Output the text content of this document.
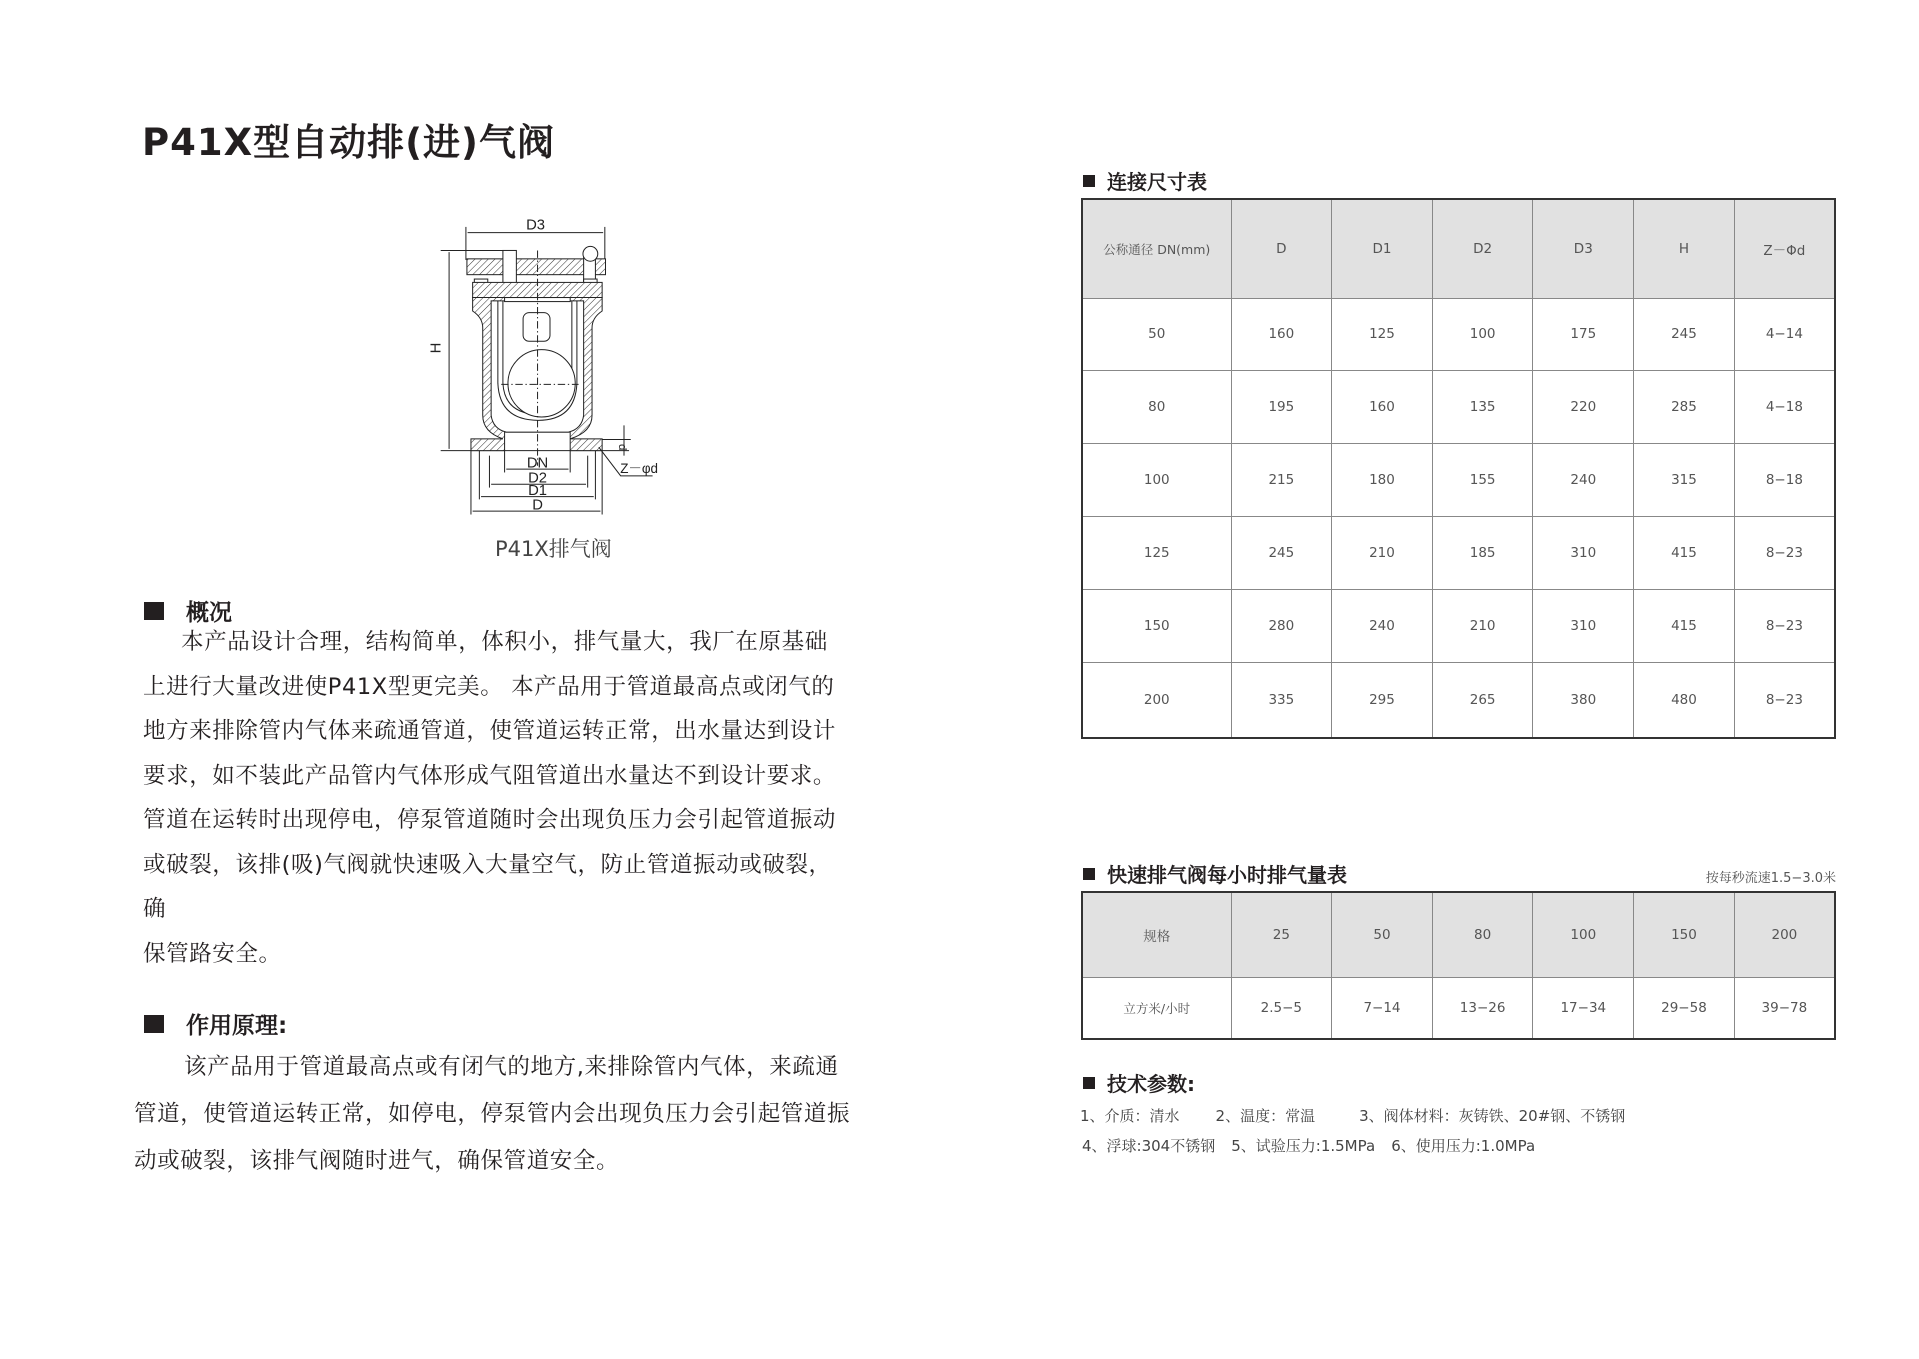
P41X型自动排(进)气阀
D3
H
DN
D2
D1
D
d
Z－φd
P41X排气阀
概况

本产品设计合理，结构简单，体积小，排气量大，我厂在原基础

上进行大量改进使P41X型更完美。 本产品用于管道最高点或闭气的

地方来排除管内气体来疏通管道，使管道运转正常，出水量达到设计

要求，如不装此产品管内气体形成气阻管道出水量达不到设计要求。

管道在运转时出现停电，停泵管道随时会出现负压力会引起管道振动

或破裂，该排(吸)气阀就快速吸入大量空气，防止管道振动或破裂，确

保管路安全。

作用原理:

该产品用于管道最高点或有闭气的地方,来排除管内气体，来疏通

管道，使管道运转正常，如停电，停泵管内会出现负压力会引起管道振

动或破裂，该排气阀随时进气，确保管道安全。

连接尺寸表
公称通径 DN(mm)	D	D1	D2	D3	H	Z－Φd
50	160	125	100	175	245	4−14
80	195	160	135	220	285	4−18
100	215	180	155	240	315	8−18
125	245	210	185	310	415	8−23
150	280	240	210	310	415	8−23
200	335	295	265	380	480	8−23
快速排气阀每小时排气量表	按每秒流速1.5−3.0米
规格	25	50	80	100	150	200
立方米/小时	2.5−5	7−14	13−26	17−34	29−58	39−78
技术参数:
1、介质：清水 2、温度：常温	3、阀体材料：灰铸铁、20#钢、不锈钢
4、浮球:304不锈钢 5、试验压力:1.5MPa 6、使用压力:1.0MPa
